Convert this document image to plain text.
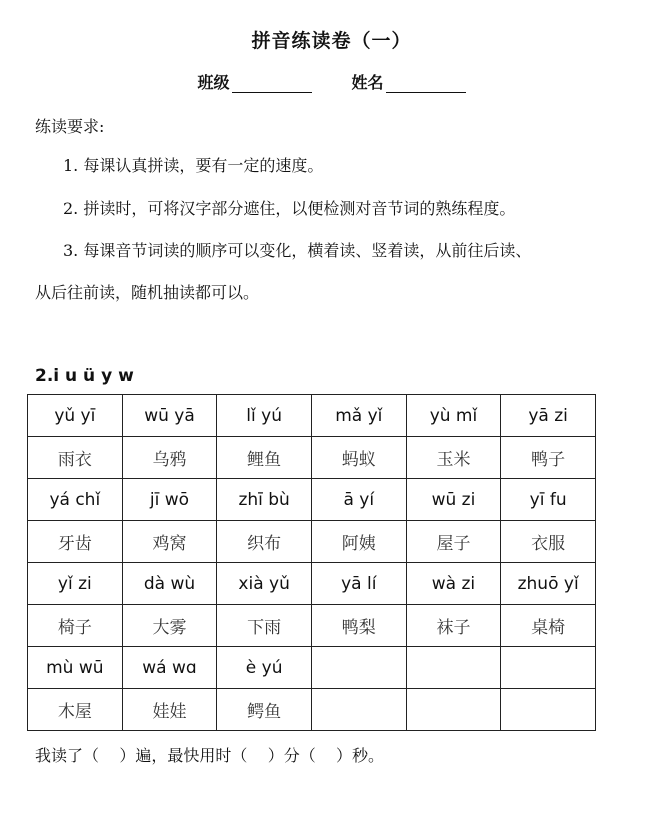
拼音练读卷（一）
班级	姓名
练读要求:
1. 每课认真拼读，要有一定的速度。
2. 拼读时，可将汉字部分遮住，以便检测对音节词的熟练程度。
3. 每课音节词读的顺序可以变化，横着读、竖着读，从前往后读、
从后往前读，随机抽读都可以。
2.i u ü y w
yǔ yī	wū yā	lǐ yú	mǎ yǐ	yù mǐ	yā zi
雨衣	乌鸦	鲤鱼	蚂蚁	玉米	鸭子
yá chǐ	jī wō	zhī bù	ā yí	wū zi	yī fu
牙齿	鸡窝	织布	阿姨	屋子	衣服
yǐ zi	dà wù	xià yǔ	yā lí	wà zi	zhuō yǐ
椅子	大雾	下雨	鸭梨	袜子	桌椅
mù wū	wá wɑ	è yú			
木屋	娃娃	鳄鱼			
我读了（    ）遍，最快用时（    ）分（    ）秒。
